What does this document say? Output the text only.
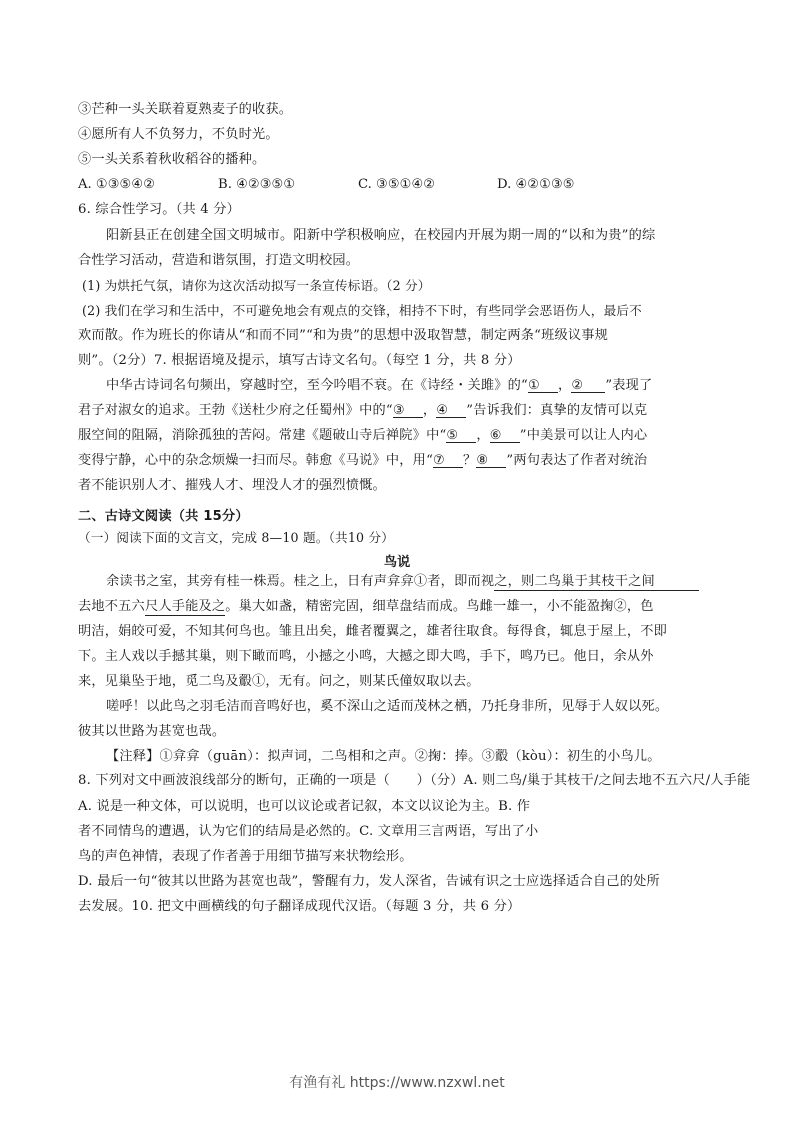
③芒种一头关联着夏熟麦子的收获。
④愿所有人不负努力，不负时光。
⑤一头关系着秋收稻谷的播种。
A. ①③⑤④②	B. ④②③⑤①	C. ③⑤①④②	D. ④②①③⑤
6. 综合性学习。（共 4 分）
阳新县正在创建全国文明城市。阳新中学积极响应，在校园内开展为期一周的“以和为贵”的综
合性学习活动，营造和谐氛围，打造文明校园。
(1) 为烘托气氛，请你为这次活动拟写一条宣传标语。（2 分）
(2) 我们在学习和生活中，不可避免地会有观点的交锋，相持不下时，有些同学会恶语伤人，最后不
欢而散。作为班长的你请从“和而不同”“和为贵”的思想中汲取智慧，制定两条“班级议事规
则”。（2分）7. 根据语境及提示，填写古诗文名句。（每空 1 分，共 8 分）
中华古诗词名句频出，穿越时空，至今吟唱不衰。在《诗经・关雎》的“① ，② ”表现了
君子对淑女的追求。王勃《送杜少府之任蜀州》中的“③ ，④ ”告诉我们：真挚的友情可以克
服空间的阻隔，消除孤独的苦闷。常建《题破山寺后禅院》中“⑤ ，⑥ ”中美景可以让人内心
变得宁静，心中的杂念烦燥一扫而尽。韩愈《马说》中，用“⑦ ？⑧ ”两句表达了作者对统治
者不能识别人才、摧残人才、埋没人才的强烈愤慨。
二、古诗文阅读（共 15分）
（一）阅读下面的文言文，完成 8—10 题。（共10 分）
鸟说
余读书之室，其旁有桂一株焉。桂之上，日有声弇弇①者，即而视之，则二鸟巢于其枝干之间
去地不五六尺人手能及之。巢大如盏，精密完固，细草盘结而成。鸟雌一雄一，小不能盈掬②，色
明洁，娟皎可爱，不知其何鸟也。雏且出矣，雌者覆翼之，雄者往取食。每得食，辄息于屋上，不即
下。主人戏以手撼其巢，则下瞰而鸣，小撼之小鸣，大撼之即大鸣，手下，鸣乃已。他日，余从外
来，见巢坠于地，觅二鸟及鷇①，无有。问之，则某氏僮奴取以去。
嗟呼！以此鸟之羽毛洁而音鸣好也，奚不深山之适而茂林之栖，乃托身非所，见辱于人奴以死。
彼其以世路为甚宽也哉。
【注释】①弇弇（guān）：拟声词，二鸟相和之声。②掬：捧。③鷇（kòu）：初生的小鸟儿。
8. 下列对文中画波浪线部分的断句，正确的一项是（　　）（分）A. 则二鸟/巢于其枝干/之间去地不五六尺/人手能
A. 说是一种文体，可以说明，也可以议论或者记叙，本文以议论为主。B. 作
者不同情鸟的遭遇，认为它们的结局是必然的。C. 文章用三言两语，写出了小
鸟的声色神情，表现了作者善于用细节描写来状物绘形。
D. 最后一句“彼其以世路为甚宽也哉”，警醒有力，发人深省，告诫有识之士应选择适合自己的处所
去发展。10. 把文中画横线的句子翻译成现代汉语。（每题 3 分，共 6 分）
有渔有礼 https://www.nzxwl.net
